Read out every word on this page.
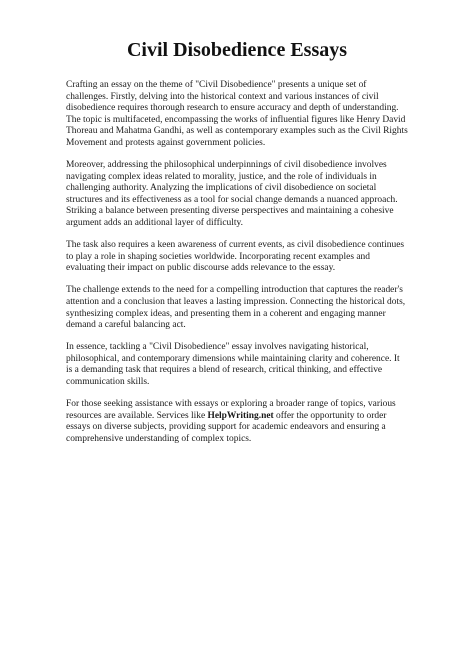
Civil Disobedience Essays

Crafting an essay on the theme of "Civil Disobedience" presents a unique set of challenges. Firstly, delving into the historical context and various instances of civil disobedience requires thorough research to ensure accuracy and depth of understanding. The topic is multifaceted, encompassing the works of influential figures like Henry David Thoreau and Mahatma Gandhi, as well as contemporary examples such as the Civil Rights Movement and protests against government policies.

Moreover, addressing the philosophical underpinnings of civil disobedience involves navigating complex ideas related to morality, justice, and the role of individuals in challenging authority. Analyzing the implications of civil disobedience on societal structures and its effectiveness as a tool for social change demands a nuanced approach. Striking a balance between presenting diverse perspectives and maintaining a cohesive argument adds an additional layer of difficulty.

The task also requires a keen awareness of current events, as civil disobedience continues to play a role in shaping societies worldwide. Incorporating recent examples and evaluating their impact on public discourse adds relevance to the essay.

The challenge extends to the need for a compelling introduction that captures the reader's attention and a conclusion that leaves a lasting impression. Connecting the historical dots, synthesizing complex ideas, and presenting them in a coherent and engaging manner demand a careful balancing act.

In essence, tackling a "Civil Disobedience" essay involves navigating historical, philosophical, and contemporary dimensions while maintaining clarity and coherence. It is a demanding task that requires a blend of research, critical thinking, and effective communication skills.

For those seeking assistance with essays or exploring a broader range of topics, various resources are available. Services like HelpWriting.net offer the opportunity to order essays on diverse subjects, providing support for academic endeavors and ensuring a comprehensive understanding of complex topics.
